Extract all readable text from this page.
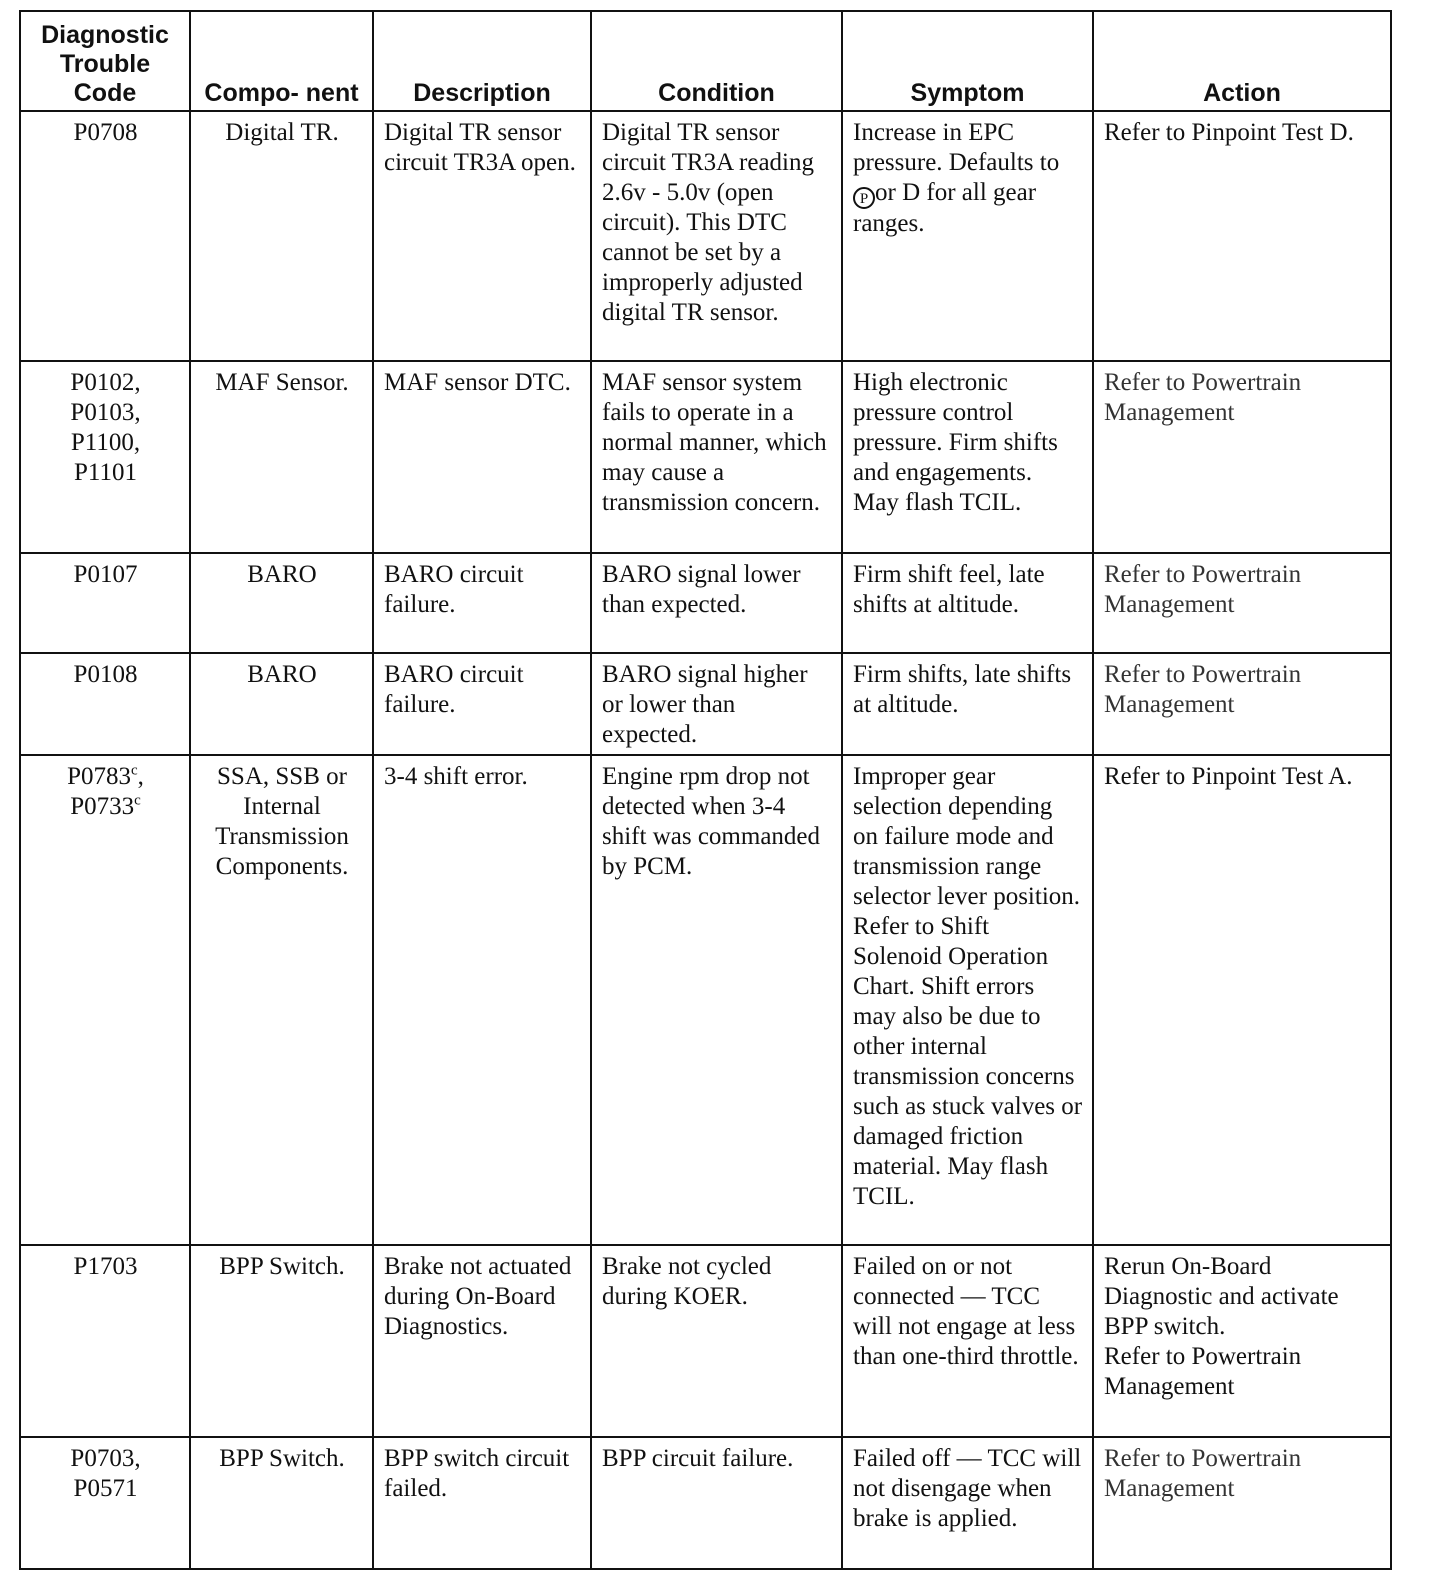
Diagnostic Trouble Code	Compo- nent	Description	Condition	Symptom	Action
P0708	Digital TR.	Digital TR sensor circuit TR3A open.	Digital TR sensor circuit TR3A reading 2.6v - 5.0v (open circuit). This DTC cannot be set by a improperly adjusted digital TR sensor.	Increase in EPC pressure. Defaults to P or D for all gear ranges.	Refer to Pinpoint Test D.
P0102,
P0103,
P1100,
P1101	MAF Sensor.	MAF sensor DTC.	MAF sensor system fails to operate in a normal manner, which may cause a transmission concern.	High electronic pressure control pressure. Firm shifts and engagements. May flash TCIL.	Refer to Powertrain Management
P0107	BARO	BARO circuit failure.	BARO signal lower than expected.	Firm shift feel, late shifts at altitude.	Refer to Powertrain Management
P0108	BARO	BARO circuit failure.	BARO signal higher or lower than expected.	Firm shifts, late shifts at altitude.	Refer to Powertrain Management
P0783$^c$,
P0733$^c$	SSA, SSB or Internal Transmission Components.	3-4 shift error.	Engine rpm drop not detected when 3-4 shift was commanded by PCM.	Improper gear selection depending on failure mode and transmission range selector lever position. Refer to Shift Solenoid Operation Chart. Shift errors may also be due to other internal transmission concerns such as stuck valves or damaged friction material. May flash TCIL.	Refer to Pinpoint Test A.
P1703	BPP Switch.	Brake not actuated during On-Board Diagnostics.	Brake not cycled during KOER.	Failed on or not connected — TCC will not engage at less than one-third throttle.	Rerun On-Board Diagnostic and activate BPP switch.
Refer to Powertrain Management
P0703,
P0571	BPP Switch.	BPP switch circuit failed.	BPP circuit failure.	Failed off — TCC will not disengage when brake is applied.	Refer to Powertrain Management
